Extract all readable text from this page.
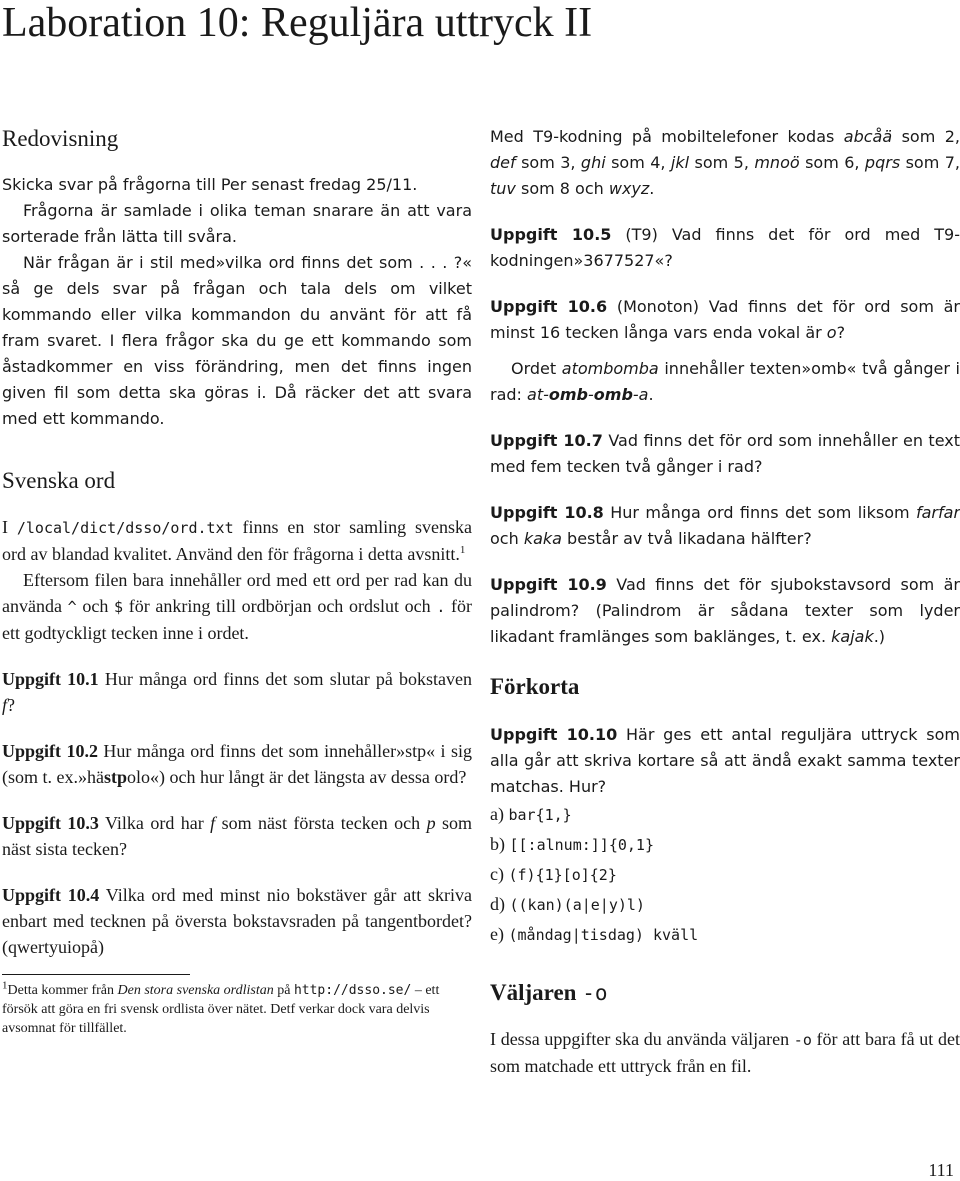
Laboration 10: Reguljära uttryck II
Redovisning

Skicka svar på frågorna till Per senast fredag 25/11.

Frågorna är samlade i olika teman snarare än att vara sorterade från lätta till svåra.

När frågan är i stil med»vilka ord finns det som . . . ?« så ge dels svar på frågan och tala dels om vilket kommando eller vilka kommandon du använt för att få fram svaret. I flera frågor ska du ge ett kommando som åstadkommer en viss förändring, men det finns ingen given fil som detta ska göras i. Då räcker det att svara med ett kommando.

Svenska ord

I /local/dict/dsso/ord.txt finns en stor samling svenska ord av blandad kvalitet. Använd den för frågorna i detta avsnitt.$^1$

Eftersom filen bara innehåller ord med ett ord per rad kan du använda ^ och $ för ankring till ordbörjan och ordslut och . för ett godtyckligt tecken inne i ordet.

Uppgift 10.1 Hur många ord finns det som slutar på bokstaven f?

Uppgift 10.2 Hur många ord finns det som innehåller»stp« i sig (som t. ex.»hästpolo«) och hur långt är det längsta av dessa ord?

Uppgift 10.3 Vilka ord har f som näst första tecken och p som näst sista tecken?

Uppgift 10.4 Vilka ord med minst nio bokstäver går att skriva enbart med tecknen på översta bokstavsraden på tangentbordet? (qwertyuiopå)

$^1$Detta kommer från Den stora svenska ordlistan på http://dsso.se/ – ett försök att göra en fri svensk ordlista över nätet. Detf verkar dock vara delvis avsomnat för tillfället.

Med T9-kodning på mobiltelefoner kodas abcåä som 2, def som 3, ghi som 4, jkl som 5, mnoö som 6, pqrs som 7, tuv som 8 och wxyz.

Uppgift 10.5 (T9) Vad finns det för ord med T9-kodningen»3677527«?

Uppgift 10.6 (Monoton) Vad finns det för ord som är minst 16 tecken långa vars enda vokal är o?

Ordet atombomba innehåller texten»omb« två gånger i rad: at-omb-omb-a.

Uppgift 10.7 Vad finns det för ord som innehåller en text med fem tecken två gånger i rad?

Uppgift 10.8 Hur många ord finns det som liksom farfar och kaka består av två likadana hälfter?

Uppgift 10.9 Vad finns det för sjubokstavsord som är palindrom? (Palindrom är sådana texter som lyder likadant framlänges som baklänges, t. ex. kajak.)

Förkorta

Uppgift 10.10 Här ges ett antal reguljära uttryck som alla går att skriva kortare så att ändå exakt samma texter matchas. Hur?

a) bar{1,}
b) [[:alnum:]]{0,1}
c) (f){1}[o]{2}
d) ((kan)(a|e|y)l)
e) (måndag|tisdag) kväll
Väljaren -o

I dessa uppgifter ska du använda väljaren -o för att bara få ut det som matchade ett uttryck från en fil.

111
